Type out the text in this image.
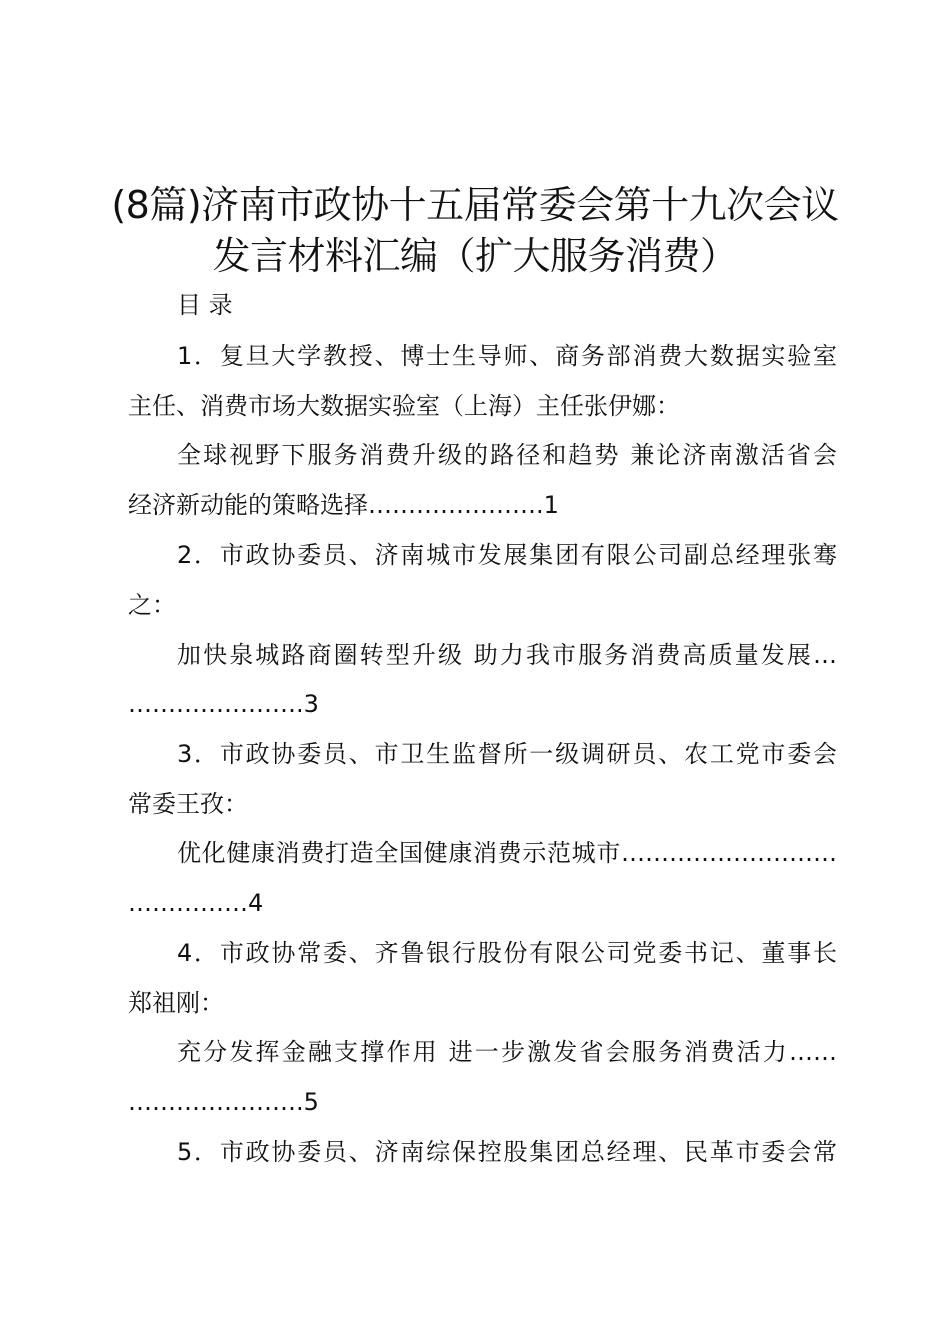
(8篇)济南市政协十五届常委会第十九次会议
发言材料汇编（扩大服务消费）
目 录
1．复旦大学教授、博士生导师、商务部消费大数据实验室
主任、消费市场大数据实验室（上海）主任张伊娜：
全球视野下服务消费升级的路径和趋势 兼论济南激活省会
经济新动能的策略选择………………….1
2．市政协委员、济南城市发展集团有限公司副总经理张骞
之：
加快泉城路商圈转型升级 助力我市服务消费高质量发展…
………………….3
3．市政协委员、市卫生监督所一级调研员、农工党市委会
常委王孜：
优化健康消费打造全国健康消费示范城市………………………
……………4
4．市政协常委、齐鲁银行股份有限公司党委书记、董事长
郑祖刚：
充分发挥金融支撑作用 进一步激发省会服务消费活力……
………………….5
5．市政协委员、济南综保控股集团总经理、民革市委会常
